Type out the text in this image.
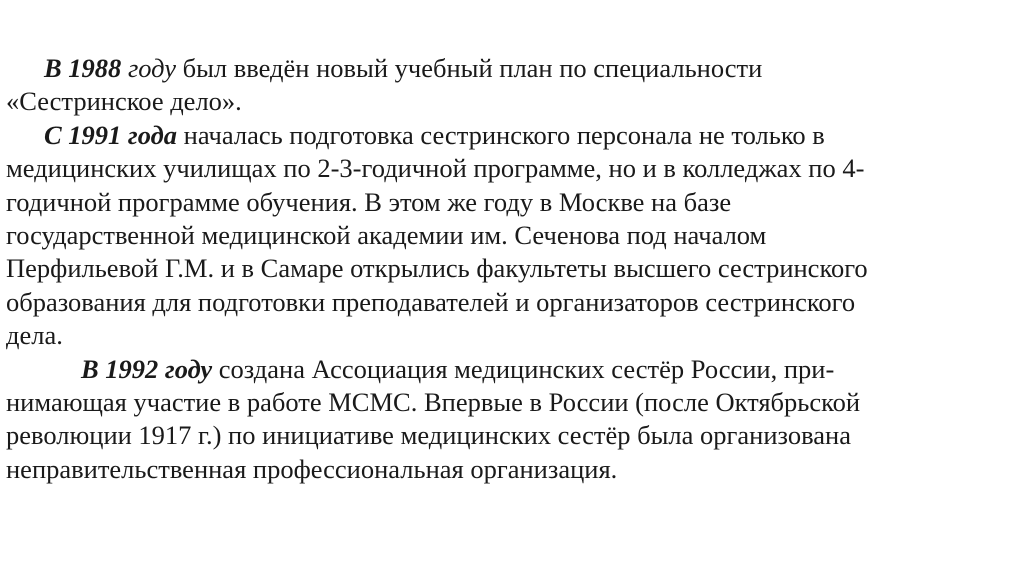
В 1988 году был введён новый учебный план по специальности
«Сестринское дело».
С 1991 года началась подготовка сестринского персонала не только в
медицинских училищах по 2-3-годичной программе, но и в колледжах по 4-
годичной программе обучения. В этом же году в Москве на базе
государственной медицинской академии им. Сеченова под началом
Перфильевой Г.М. и в Самаре открылись факультеты высшего сестринского
образования для подготовки преподавателей и организаторов сестринского
дела.
В 1992 году создана Ассоциация медицинских сестёр России, при-
нимающая участие в работе МСМС. Впервые в России (после Октябрьской
революции 1917 г.) по инициативе медицинских сестёр была организована
неправительственная профессиональная организация.
